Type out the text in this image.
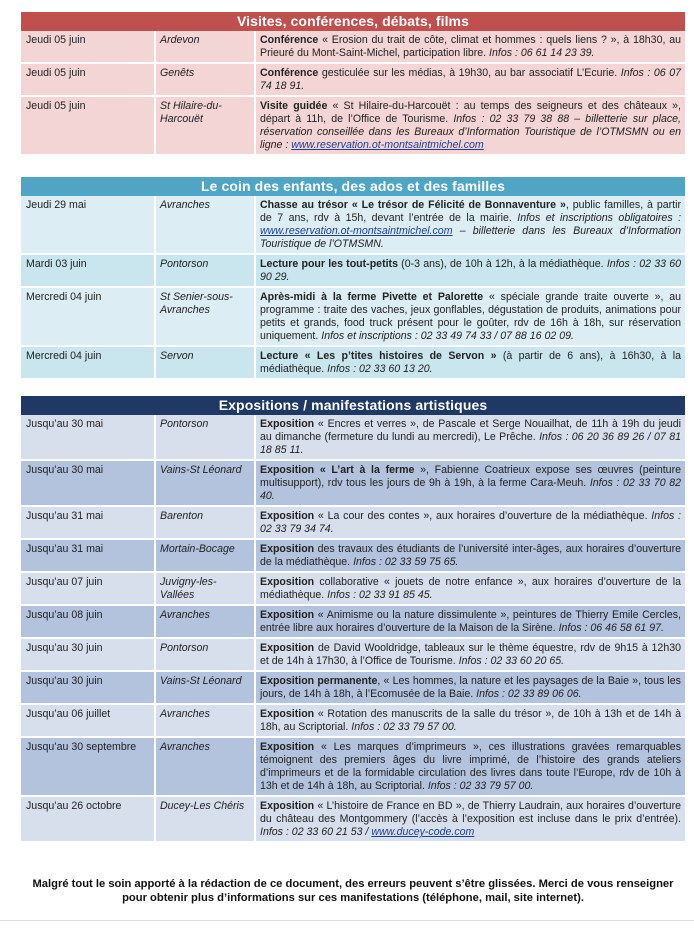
Visites, conférences, débats, films
Jeudi 05 juin	Ardevon	Conférence « Erosion du trait de côte, climat et hommes : quels liens ? », à 18h30, au Prieuré du Mont-Saint-Michel, participation libre. Infos : 06 61 14 23 39.
Jeudi 05 juin	Genêts	Conférence gesticulée sur les médias, à 19h30, au bar associatif L’Ecurie. Infos : 06 07 74 18 91.
Jeudi 05 juin	St Hilaire-du-Harcouët	Visite guidée « St Hilaire-du-Harcouët : au temps des seigneurs et des châteaux », départ à 11h, de l’Office de Tourisme. Infos : 02 33 79 38 88 – billetterie sur place, réservation conseillée dans les Bureaux d’Information Touristique de l’OTMSMN ou en ligne : www.reservation.ot-montsaintmichel.com
Le coin des enfants, des ados et des familles
Jeudi 29 mai	Avranches	Chasse au trésor « Le trésor de Félicité de Bonnaventure », public familles, à partir de 7 ans, rdv à 15h, devant l’entrée de la mairie. Infos et inscriptions obligatoires : www.reservation.ot-montsaintmichel.com – billetterie dans les Bureaux d’Information Touristique de l’OTMSMN.
Mardi 03 juin	Pontorson	Lecture pour les tout-petits (0-3 ans), de 10h à 12h, à la médiathèque. Infos : 02 33 60 90 29.
Mercredi 04 juin	St Senier-sous-Avranches	Après-midi à la ferme Pivette et Palorette « spéciale grande traite ouverte », au programme : traite des vaches, jeux gonflables, dégustation de produits, animations pour petits et grands, food truck présent pour le goûter, rdv de 16h à 18h, sur réservation uniquement. Infos et inscriptions : 02 33 49 74 33 / 07 88 16 02 09.
Mercredi 04 juin	Servon	Lecture « Les p’tites histoires de Servon » (à partir de 6 ans), à 16h30, à la médiathèque. Infos : 02 33 60 13 20.
Expositions / manifestations artistiques
Jusqu’au 30 mai	Pontorson	Exposition « Encres et verres », de Pascale et Serge Nouailhat, de 11h à 19h du jeudi au dimanche (fermeture du lundi au mercredi), Le Prêche. Infos : 06 20 36 89 26 / 07 81 18 85 11.
Jusqu’au 30 mai	Vains-St Léonard	Exposition « L’art à la ferme », Fabienne Coatrieux expose ses œuvres (peinture multisupport), rdv tous les jours de 9h à 19h, à la ferme Cara-Meuh. Infos : 02 33 70 82 40.
Jusqu’au 31 mai	Barenton	Exposition « La cour des contes », aux horaires d’ouverture de la médiathèque. Infos : 02 33 79 34 74.
Jusqu’au 31 mai	Mortain-Bocage	Exposition des travaux des étudiants de l’université inter-âges, aux horaires d’ouverture de la médiathèque. Infos : 02 33 59 75 65.
Jusqu’au 07 juin	Juvigny-les-Vallées	Exposition collaborative « jouets de notre enfance », aux horaires d’ouverture de la médiathèque. Infos : 02 33 91 85 45.
Jusqu’au 08 juin	Avranches	Exposition « Animisme ou la nature dissimulente », peintures de Thierry Emile Cercles, entrée libre aux horaires d’ouverture de la Maison de la Sirène. Infos : 06 46 58 61 97.
Jusqu’au 30 juin	Pontorson	Exposition de David Wooldridge, tableaux sur le thème équestre, rdv de 9h15 à 12h30 et de 14h à 17h30, à l’Office de Tourisme. Infos : 02 33 60 20 65.
Jusqu’au 30 juin	Vains-St Léonard	Exposition permanente, « Les hommes, la nature et les paysages de la Baie », tous les jours, de 14h à 18h, à l’Ecomusée de la Baie. Infos : 02 33 89 06 06.
Jusqu’au 06 juillet	Avranches	Exposition « Rotation des manuscrits de la salle du trésor », de 10h à 13h et de 14h à 18h, au Scriptorial. Infos : 02 33 79 57 00.
Jusqu’au 30 septembre	Avranches	Exposition « Les marques d’imprimeurs », ces illustrations gravées remarquables témoignent des premiers âges du livre imprimé, de l’histoire des grands ateliers d’imprimeurs et de la formidable circulation des livres dans toute l’Europe, rdv de 10h à 13h et de 14h à 18h, au Scriptorial. Infos : 02 33 79 57 00.
Jusqu’au 26 octobre	Ducey-Les Chéris	Exposition « L’histoire de France en BD », de Thierry Laudrain, aux horaires d’ouverture du château des Montgommery (l’accès à l’exposition est incluse dans le prix d’entrée). Infos : 02 33 60 21 53 / www.ducey-code.com
Malgré tout le soin apporté à la rédaction de ce document, des erreurs peuvent s’être glissées. Merci de vous renseigner pour obtenir plus d’informations sur ces manifestations (téléphone, mail, site internet).
